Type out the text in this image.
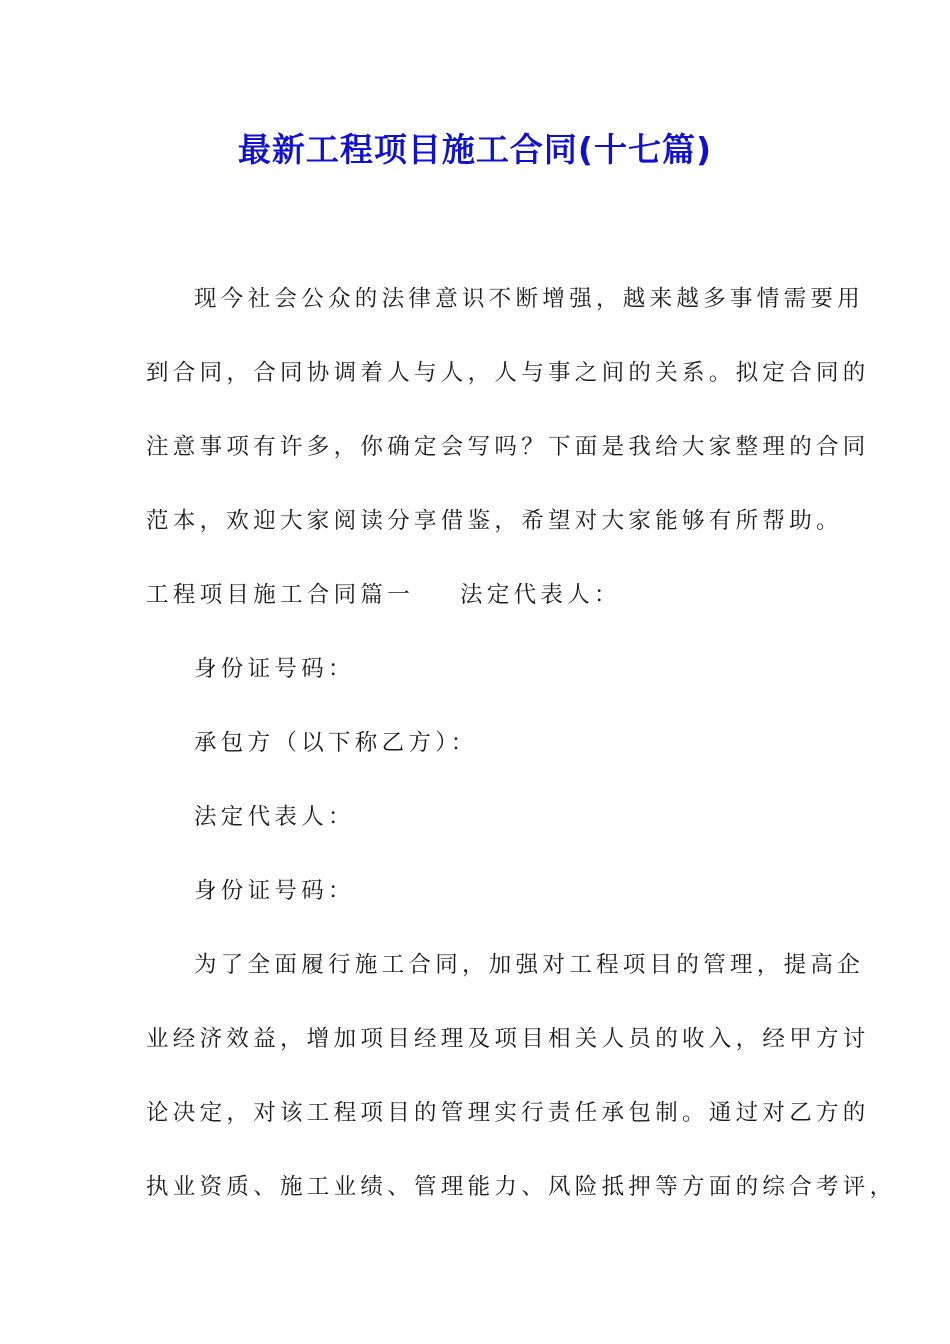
最新工程项目施工合同(十七篇)
现今社会公众的法律意识不断增强，越来越多事情需要用
到合同，合同协调着人与人，人与事之间的关系。拟定合同的
注意事项有许多，你确定会写吗？下面是我给大家整理的合同
范本，欢迎大家阅读分享借鉴，希望对大家能够有所帮助。
工程项目施工合同篇一 法定代表人：
身份证号码：
承包方（以下称乙方）：
法定代表人：
身份证号码：
为了全面履行施工合同，加强对工程项目的管理，提高企
业经济效益，增加项目经理及项目相关人员的收入，经甲方讨
论决定，对该工程项目的管理实行责任承包制。通过对乙方的
执业资质、施工业绩、管理能力、风险抵押等方面的综合考评，
